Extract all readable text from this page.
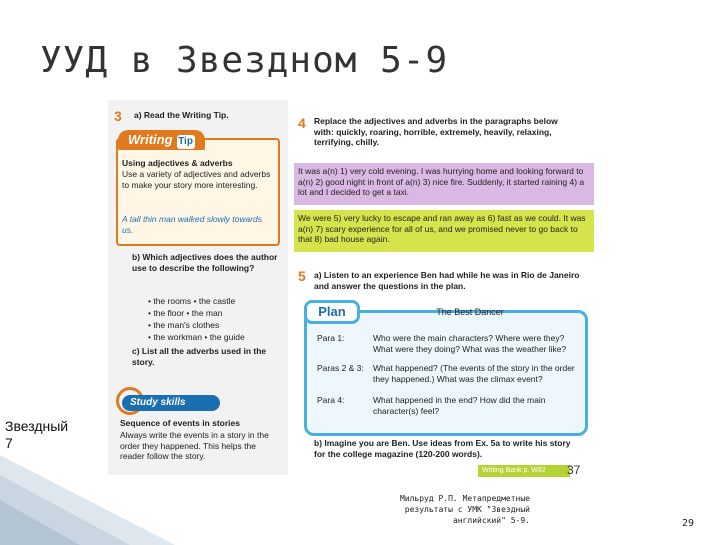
УУД в Звездном 5-9
3 a) Read the Writing Tip.
Using adjectives & adverbs
Use a variety of adjectives and adverbs to make your story more interesting.
A tall thin man walked slowly towards us.
Writing Tip
b) Which adjectives does the author use to describe the following?
• the rooms • the castle
• the floor • the man
• the man's clothes
• the workman • the guide
c) List all the adverbs used in the story.
Study skills
Sequence of events in stories
Always write the events in a story in the order they happened. This helps the reader follow the story.
4 Replace the adjectives and adverbs in the paragraphs below with: quickly, roaring, horrible, extremely, heavily, relaxing, terrifying, chilly.
It was a(n) 1) very cold evening. I was hurrying home and looking forward to a(n) 2) good night in front of a(n) 3) nice fire. Suddenly, it started raining 4) a lot and I decided to get a taxi.
We were 5) very lucky to escape and ran away as 6) fast as we could. It was a(n) 7) scary experience for all of us, and we promised never to go back to that 8) bad house again.
5 a) Listen to an experience Ben had while he was in Rio de Janeiro and answer the questions in the plan.
Para 1:	Who were the main characters? Where were they? What were they doing? What was the weather like?
Paras 2 & 3:	What happened? (The events of the story in the order they happened.) What was the climax event?
Para 4:	What happened in the end? How did the main character(s) feel?
Plan	The Best Dancer
b) Imagine you are Ben. Use ideas from Ex. 5a to write his story for the college magazine (120-200 words).
Writing Bank p. W82	37
Звездный
7
Мильруд Р.П. Метапредметные
результаты с УМК "Звездный
английский" 5-9.	29
